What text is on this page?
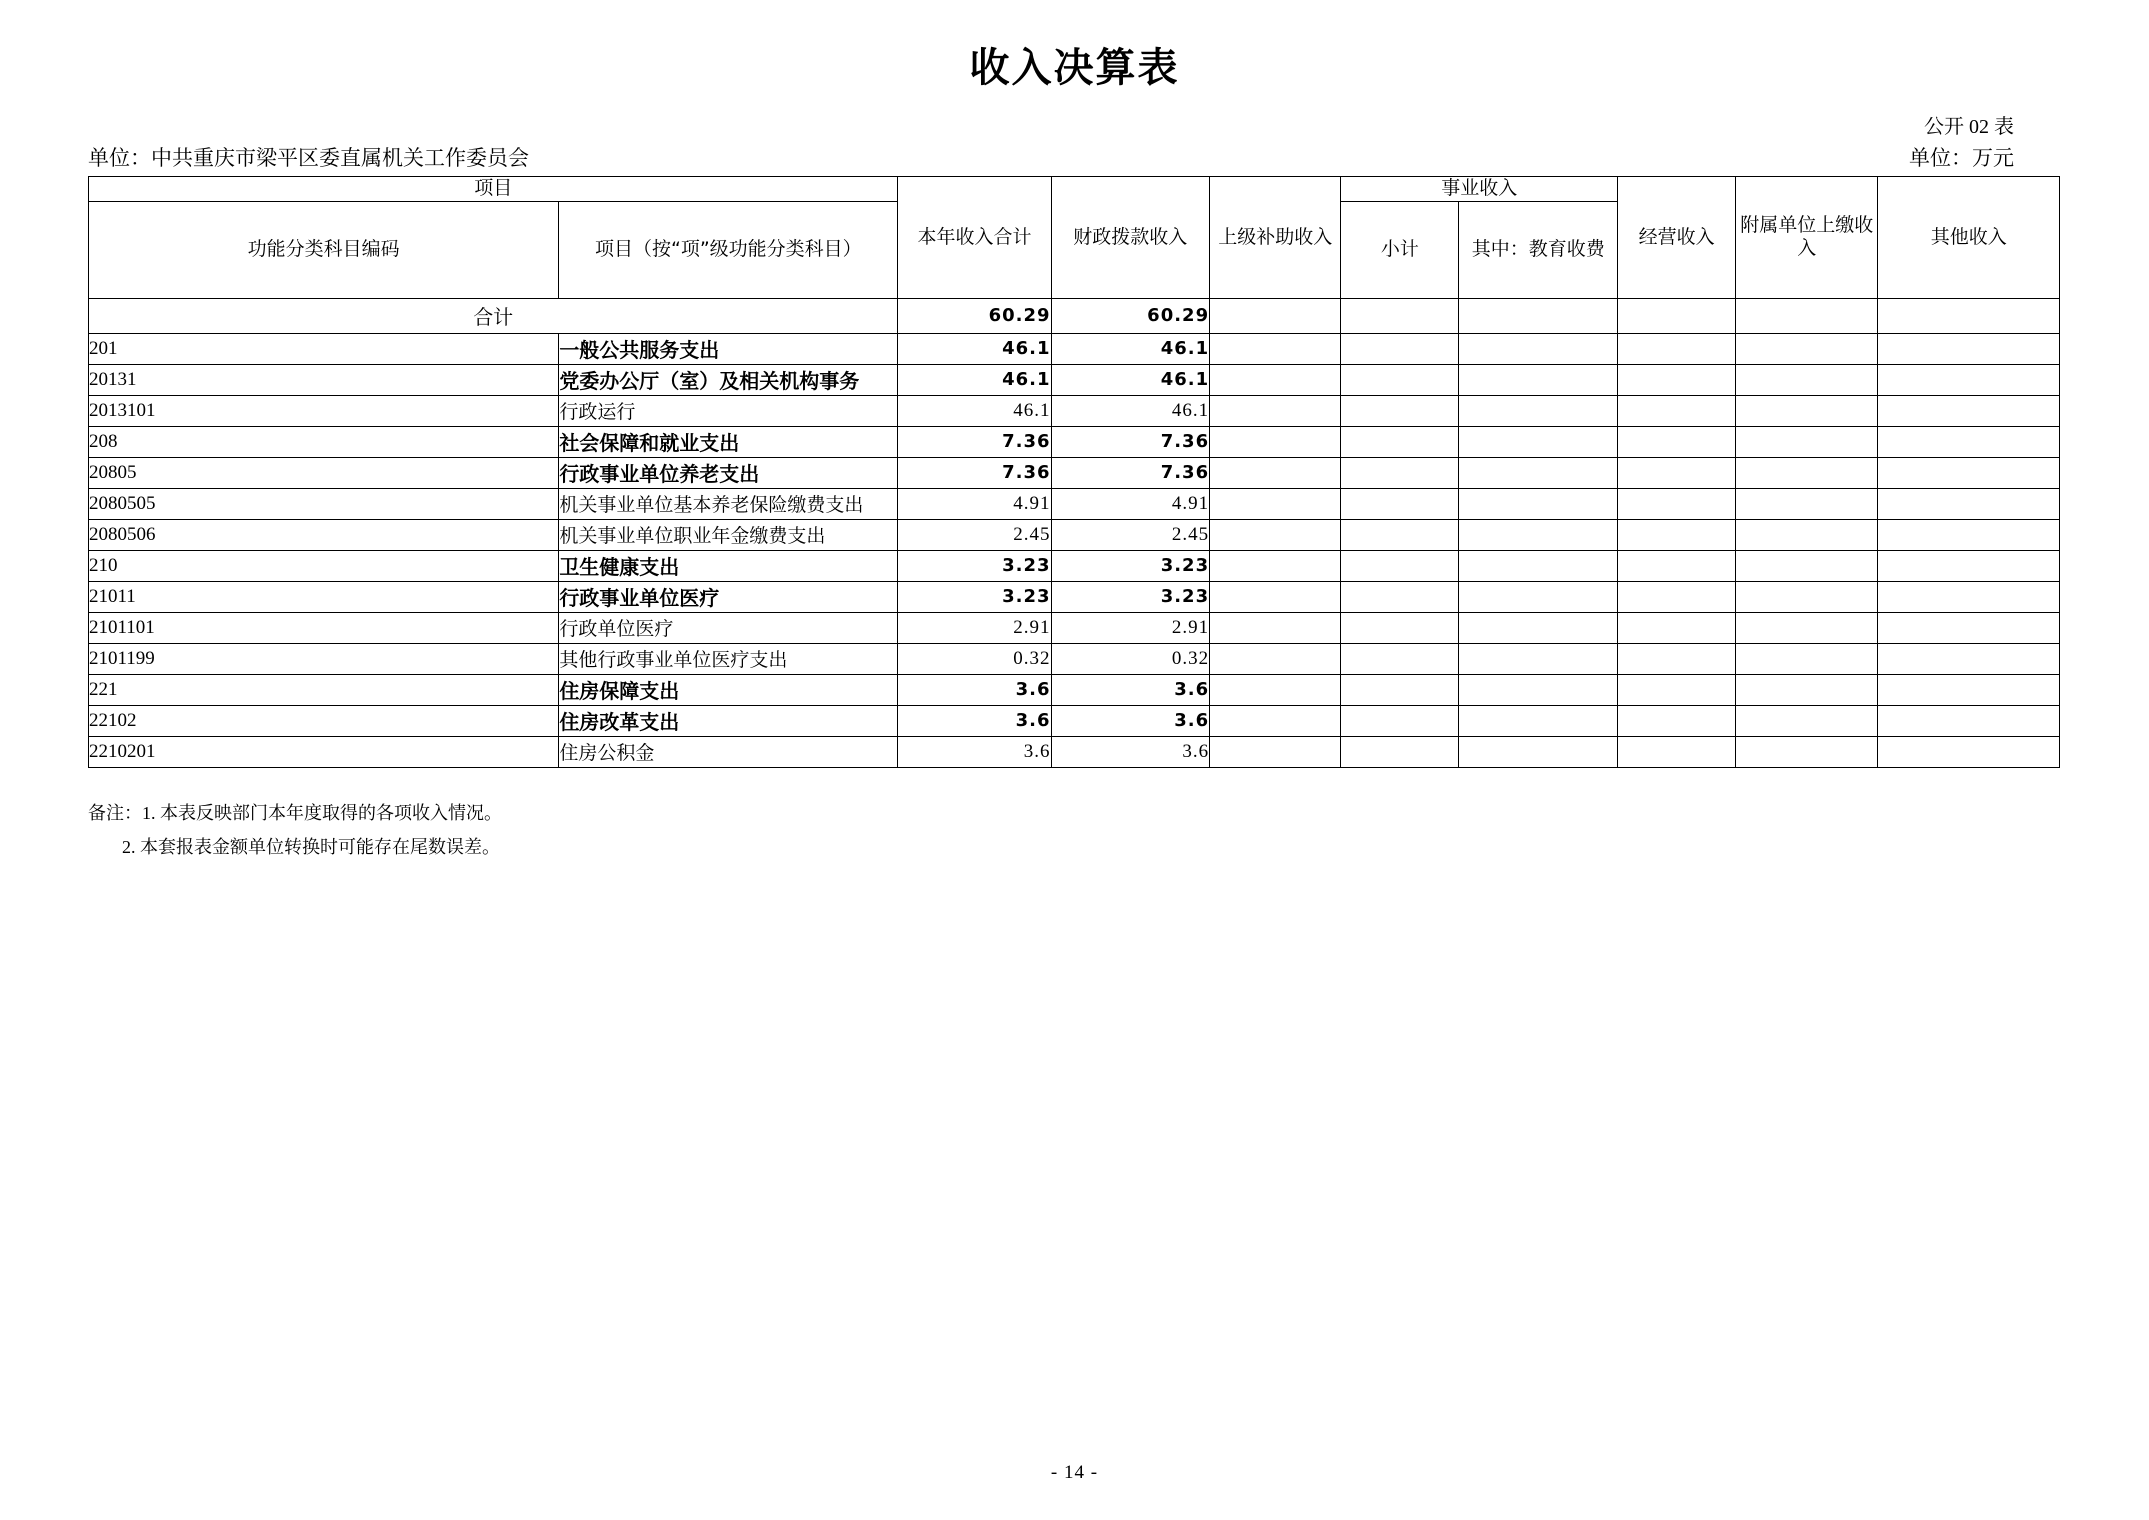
收入决算表
公开 02 表
单位：中共重庆市梁平区委直属机关工作委员会	单位：万元
项目		本年收入合计	财政拨款收入	上级补助收入	事业收入		经营收入	附属单位上缴收入	其他收入
功能分类科目编码	项目（按“项”级功能分类科目）				小计	其中：教育收费			
合计		60.29	60.29						
201	一般公共服务支出	46.1	46.1						
20131	党委办公厅（室）及相关机构事务	46.1	46.1						
2013101	行政运行	46.1	46.1						
208	社会保障和就业支出	7.36	7.36						
20805	行政事业单位养老支出	7.36	7.36						
2080505	机关事业单位基本养老保险缴费支出	4.91	4.91						
2080506	机关事业单位职业年金缴费支出	2.45	2.45						
210	卫生健康支出	3.23	3.23						
21011	行政事业单位医疗	3.23	3.23						
2101101	行政单位医疗	2.91	2.91						
2101199	其他行政事业单位医疗支出	0.32	0.32						
221	住房保障支出	3.6	3.6						
22102	住房改革支出	3.6	3.6						
2210201	住房公积金	3.6	3.6						
备注：1. 本表反映部门本年度取得的各项收入情况。
2. 本套报表金额单位转换时可能存在尾数误差。
- 14 -
